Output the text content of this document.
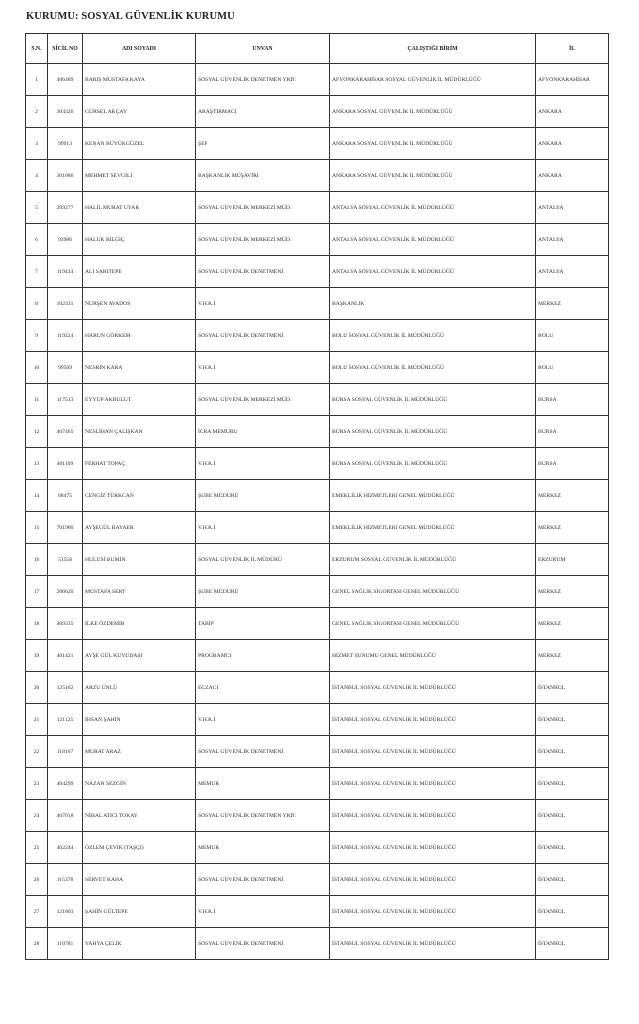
KURUMU: SOSYAL GÜVENLİK KURUMU
S.N.	SİCİL NO	ADI SOYADI	UNVAN	ÇALIŞTIĞI BİRİM	İL
1	406489	BARIŞ MUSTAFA KAYA	SOSYAL GÜVENLİK DENETMEN YRD.	AFYONKARAHİSAR SOSYAL GÜVENLİK İL MÜDÜRLÜĞÜ	AFYONKARAHİSAR
2	304326	GÜRSEL AKÇAY	ARAŞTIRMACI	ANKARA SOSYAL GÜVENLİK İL MÜDÜRLÜĞÜ	ANKARA
3	99913	KENAN BÜYÜKGÜZEL	ŞEF	ANKARA SOSYAL GÜVENLİK İL MÜDÜRLÜĞÜ	ANKARA
4	301086	MEHMET SEVGİLİ	BAŞKANLIK MÜŞAVİRİ	ANKARA SOSYAL GÜVENLİK İL MÜDÜRLÜĞÜ	ANKARA
5	209277	HALİL MURAT UYAR	SOSYAL GÜVENLİK MERKEZİ MÜD.	ANTALYA SOSYAL GÜVENLİK İL MÜDÜRLÜĞÜ	ANTALYA
6	93986	HALUK BİLGİÇ	SOSYAL GÜVENLİK MERKEZİ MÜD.	ANTALYA SOSYAL GÜVENLİK İL MÜDÜRLÜĞÜ	ANTALYA
7	119434	ALİ SARITEPE	SOSYAL GÜVENLİK DENETMENİ	ANTALYA SOSYAL GÜVENLİK İL MÜDÜRLÜĞÜ	ANTALYA
8	102331	NURŞEN AVADOS	V.H.K.İ	BAŞKANLIK	MERKEZ
9	119224	HARUN GÖRKEM	SOSYAL GÜVENLİK DENETMENİ	BOLU SOSYAL GÜVENLİK İL MÜDÜRLÜĞÜ	BOLU
10	99569	NESRİN KARA	V.H.K.İ	BOLU SOSYAL GÜVENLİK İL MÜDÜRLÜĞÜ	BOLU
11	117533	EYYUP AKBULUT	SOSYAL GÜVENLİK MERKEZİ MÜD.	BURSA SOSYAL GÜVENLİK İL MÜDÜRLÜĞÜ	BURSA
12	407465	NESLİHAN ÇALIŞKAN	İCRA MEMURU	BURSA SOSYAL GÜVENLİK İL MÜDÜRLÜĞÜ	BURSA
13	401109	FERHAT TOPAÇ	V.H.K.İ	BURSA SOSYAL GÜVENLİK İL MÜDÜRLÜĞÜ	BURSA
14	88475	CENGİZ TÜRKCAN	ŞUBE MÜDÜRÜ	EMEKLİLİK HİZMETLERİ GENEL MÜDÜRLÜĞÜ	MERKEZ
15	701980	AYŞEGÜL BAYAER	V.H.K.İ	EMEKLİLİK HİZMETLERİ GENEL MÜDÜRLÜĞÜ	MERKEZ
16	51558	HULUSİ BUMİN	SOSYAL GÜVENLİK İL MÜDÜRÜ	ERZURUM SOSYAL GÜVENLİK İL MÜDÜRLÜĞÜ	ERZURUM
17	206620	MUSTAFA SERT	ŞUBE MÜDÜRÜ	GENEL SAĞLIK SİGORTASI GENEL MÜDÜRLÜĞÜ	MERKEZ
18	409335	İLKE ÖZDEMİR	TABİP	GENEL SAĞLIK SİGORTASI GENEL MÜDÜRLÜĞÜ	MERKEZ
19	401421	AYŞE GÜL KUYUDAŞI	PROGRAMCI	HİZMET SUNUMU GENEL MÜDÜRLÜĞÜ	MERKEZ
20	125162	ARZU ÜNLÜ	ECZACI	İSTANBUL SOSYAL GÜVENLİK İL MÜDÜRLÜĞÜ	İSTANBUL
21	121125	İHSAN ŞAHİN	V.H.K.İ	İSTANBUL SOSYAL GÜVENLİK İL MÜDÜRLÜĞÜ	İSTANBUL
22	118167	MURAT ARAZ	SOSYAL GÜVENLİK DENETMENİ	İSTANBUL SOSYAL GÜVENLİK İL MÜDÜRLÜĞÜ	İSTANBUL
23	404299	NAZAN SEZGİN	MEMUR	İSTANBUL SOSYAL GÜVENLİK İL MÜDÜRLÜĞÜ	İSTANBUL
24	407018	NİHAL ATICI TOKAY	SOSYAL GÜVENLİK DENETMEN YRD.	İSTANBUL SOSYAL GÜVENLİK İL MÜDÜRLÜĞÜ	İSTANBUL
25	402244	ÖZLEM ÇEVİK (TAŞÇI)	MEMUR	İSTANBUL SOSYAL GÜVENLİK İL MÜDÜRLÜĞÜ	İSTANBUL
26	115378	SERVET KAHA	SOSYAL GÜVENLİK DENETMENİ	İSTANBUL SOSYAL GÜVENLİK İL MÜDÜRLÜĞÜ	İSTANBUL
27	121803	ŞAHİN GÜLTEPE	V.H.K.İ	İSTANBUL SOSYAL GÜVENLİK İL MÜDÜRLÜĞÜ	İSTANBUL
28	110781	YAHYA ÇELİK	SOSYAL GÜVENLİK DENETMENİ	İSTANBUL SOSYAL GÜVENLİK İL MÜDÜRLÜĞÜ	İSTANBUL
